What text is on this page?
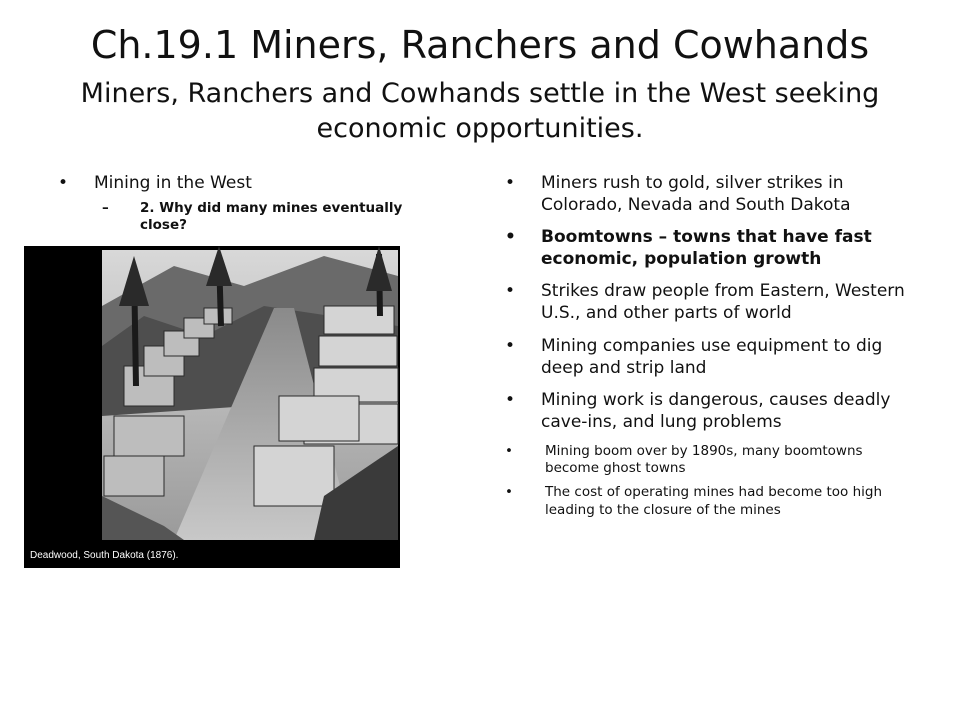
Ch.19.1 Miners, Ranchers and Cowhands
Miners, Ranchers and Cowhands settle in the West seeking economic opportunities.
• Mining in the West
– 2. Why did many mines eventually close?
Deadwood, South Dakota (1876).
• Miners rush to gold, silver strikes in Colorado, Nevada and South Dakota
• Boomtowns – towns that have fast economic, population growth
• Strikes draw people from Eastern, Western U.S., and other parts of world
• Mining companies use equipment to dig deep and strip land
• Mining work is dangerous, causes deadly cave-ins, and lung problems
• Mining boom over by 1890s, many boomtowns become ghost towns
• The cost of operating mines had become too high leading to the closure of the mines
